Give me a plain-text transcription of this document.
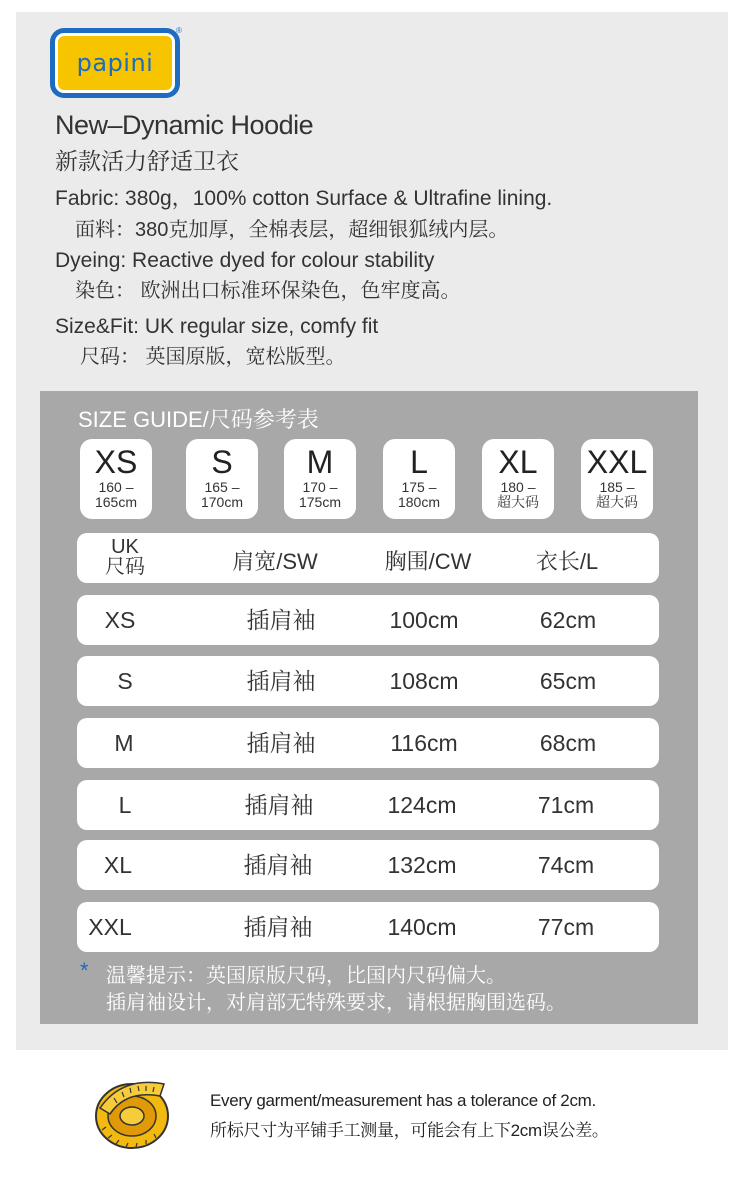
papini
®
New–Dynamic Hoodie
新款活力舒适卫衣
Fabric: 380g，100% cotton Surface & Ultrafine lining.
面料：380克加厚，全棉表层，超细银狐绒内层。
Dyeing: Reactive dyed for colour stability
染色： 欧洲出口标准环保染色，色牢度高。
Size&Fit: UK regular size, comfy fit
尺码： 英国原版，宽松版型。
SIZE GUIDE/尺码参考表
XS
160 –
165cm
S
165 –
170cm
M
170 –
175cm
L
175 –
180cm
XL
180 –
超大码
XXL
185 –
超大码
UK
尺码	肩宽/SW	胸围/CW	衣长/L
XS	插肩袖	100cm	62cm
S	插肩袖	108cm	65cm
M	插肩袖	116cm	68cm
L	插肩袖	124cm	71cm
XL	插肩袖	132cm	74cm
XXL	插肩袖	140cm	77cm
* 温馨提示：英国原版尺码，比国内尺码偏大。
插肩袖设计，对肩部无特殊要求，请根据胸围选码。
Every garment/measurement has a tolerance of 2cm.
所标尺寸为平铺手工测量，可能会有上下2cm误公差。
